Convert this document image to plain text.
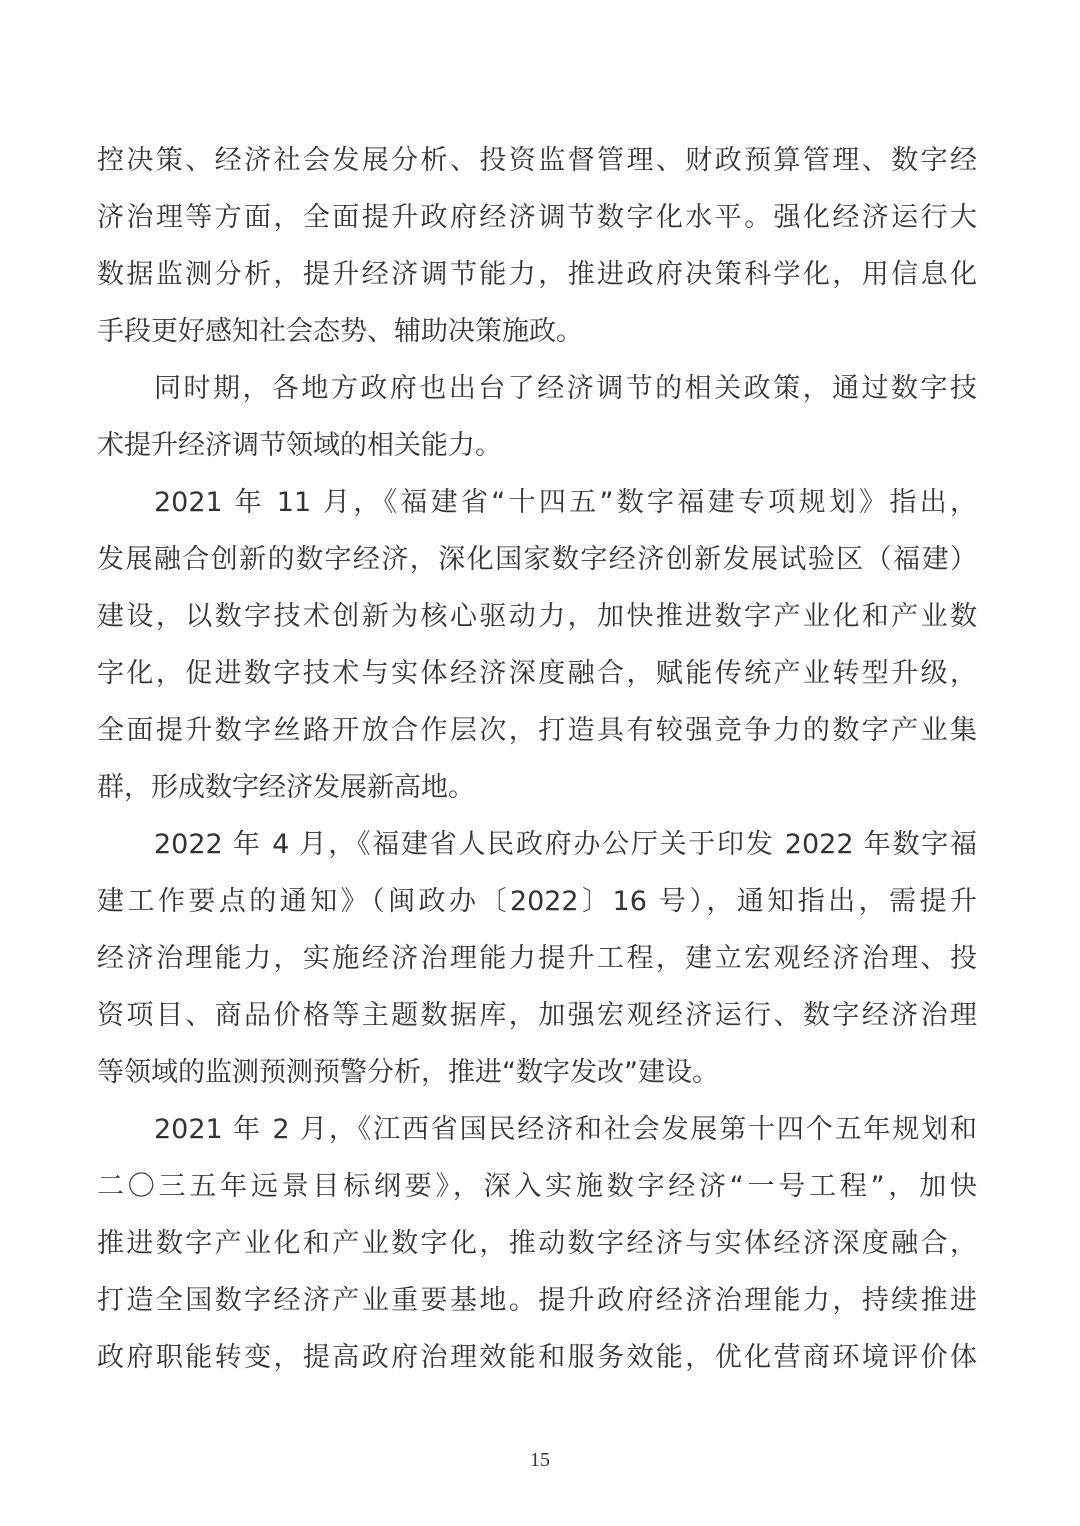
控决策、经济社会发展分析、投资监督管理、财政预算管理、数字经
济治理等方面，全面提升政府经济调节数字化水平。强化经济运行大
数据监测分析，提升经济调节能力，推进政府决策科学化，用信息化
手段更好感知社会态势、辅助决策施政。
同时期，各地方政府也出台了经济调节的相关政策，通过数字技
术提升经济调节领域的相关能力。
2021 年 11 月，《福建省“十四五”数字福建专项规划》指出，
发展融合创新的数字经济，深化国家数字经济创新发展试验区（福建）
建设，以数字技术创新为核心驱动力，加快推进数字产业化和产业数
字化，促进数字技术与实体经济深度融合，赋能传统产业转型升级，
全面提升数字丝路开放合作层次，打造具有较强竞争力的数字产业集
群，形成数字经济发展新高地。
2022 年 4 月，《福建省人民政府办公厅关于印发 2022 年数字福
建工作要点的通知》（闽政办〔2022〕16 号），通知指出，需提升
经济治理能力，实施经济治理能力提升工程，建立宏观经济治理、投
资项目、商品价格等主题数据库，加强宏观经济运行、数字经济治理
等领域的监测预测预警分析，推进“数字发改”建设。
2021 年 2 月，《江西省国民经济和社会发展第十四个五年规划和
二〇三五年远景目标纲要》，深入实施数字经济“一号工程”，加快
推进数字产业化和产业数字化，推动数字经济与实体经济深度融合，
打造全国数字经济产业重要基地。提升政府经济治理能力，持续推进
政府职能转变，提高政府治理效能和服务效能，优化营商环境评价体
15
